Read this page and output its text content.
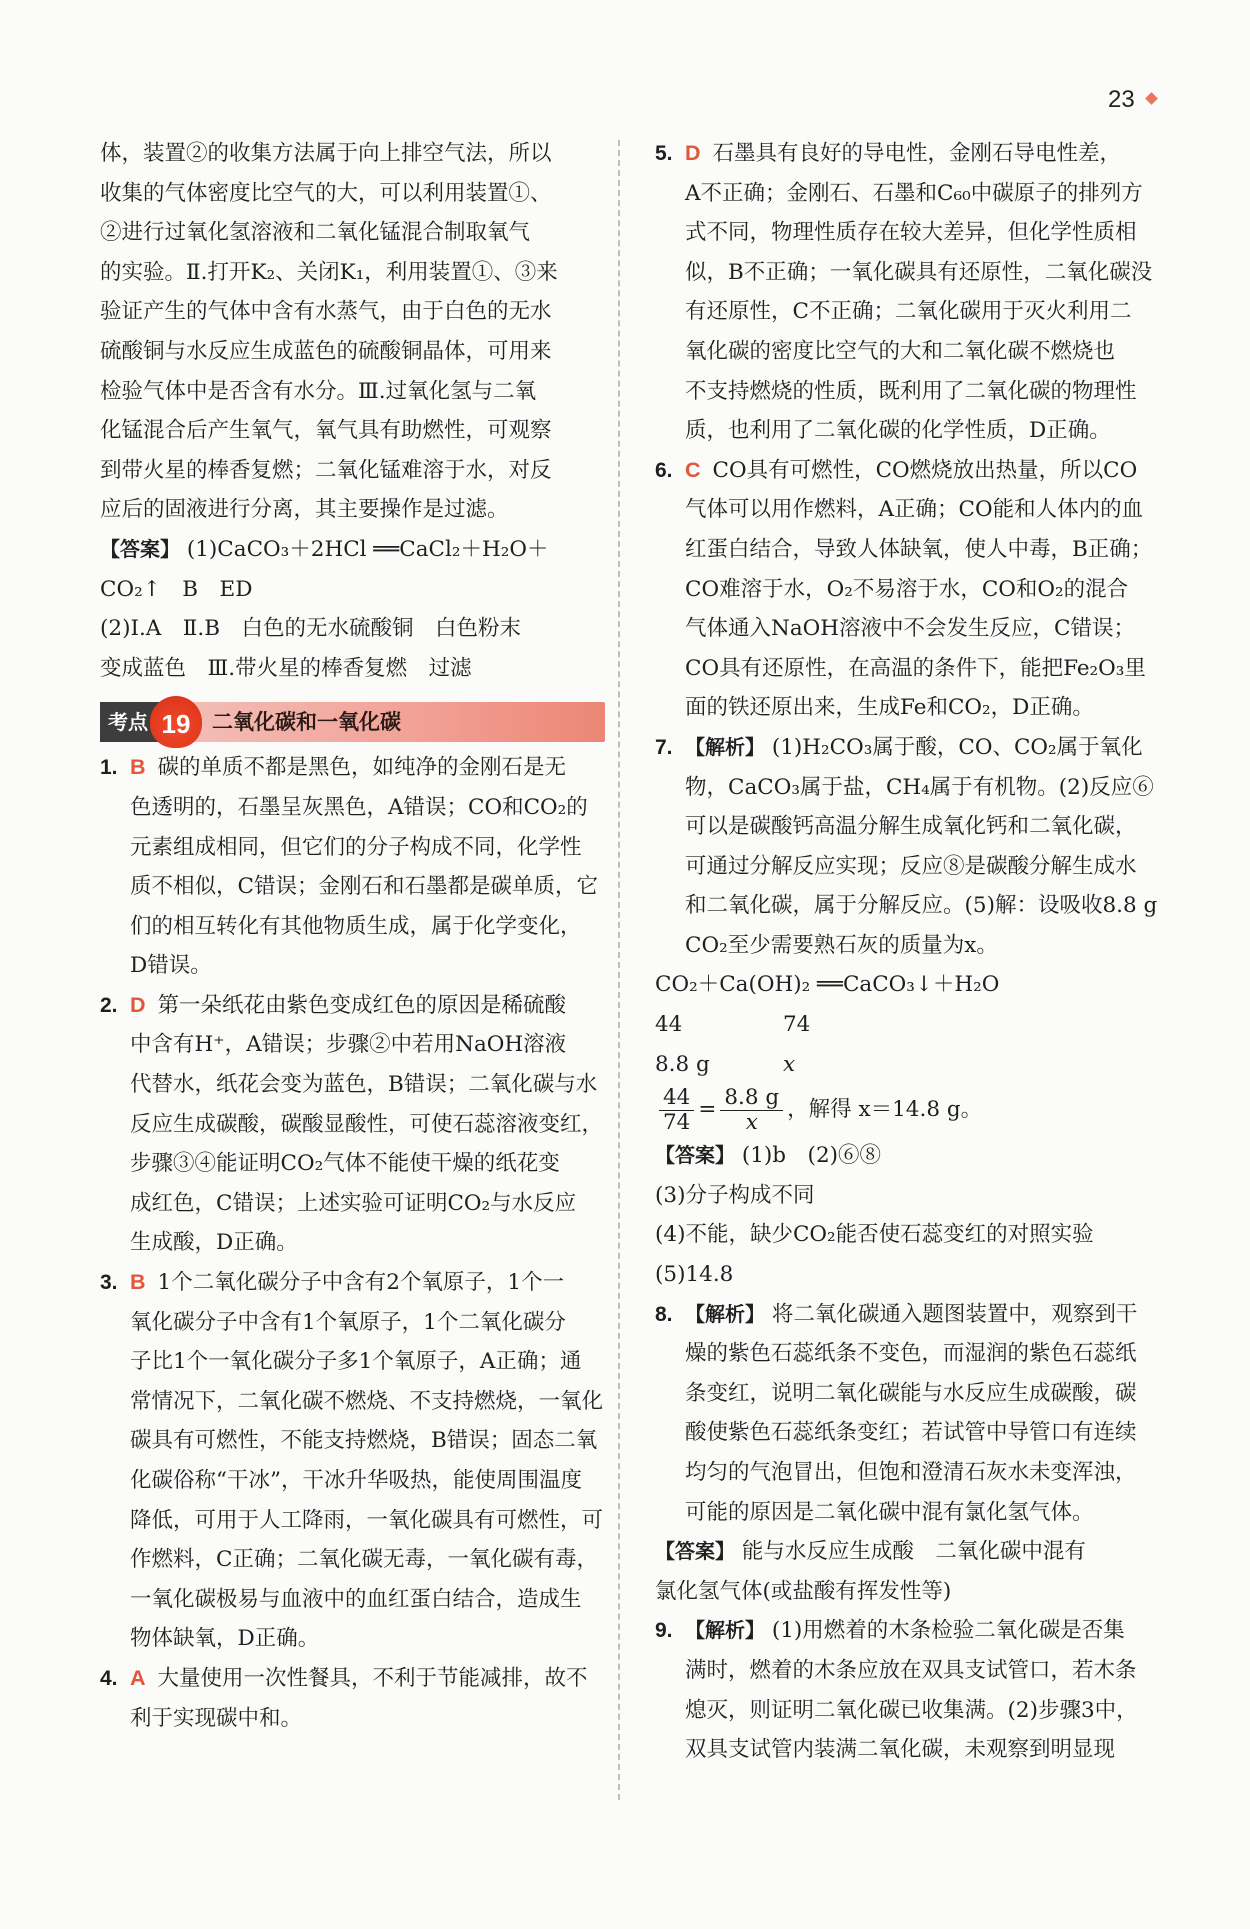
23
体，装置②的收集方法属于向上排空气法，所以
收集的气体密度比空气的大，可以利用装置①、
②进行过氧化氢溶液和二氧化锰混合制取氧气
的实验。Ⅱ.打开K₂、关闭K₁，利用装置①、③来
验证产生的气体中含有水蒸气，由于白色的无水
硫酸铜与水反应生成蓝色的硫酸铜晶体，可用来
检验气体中是否含有水分。Ⅲ.过氧化氢与二氧
化锰混合后产生氧气，氧气具有助燃性，可观察
到带火星的棒香复燃；二氧化锰难溶于水，对反
应后的固液进行分离，其主要操作是过滤。
【答案】 (1)CaCO₃＋2HCl ══CaCl₂＋H₂O＋
CO₂↑　B　ED
(2)Ⅰ.A　Ⅱ.B　白色的无水硫酸铜　白色粉末
变成蓝色　Ⅲ.带火星的棒香复燃　过滤
考点 19	二氧化碳和一氧化碳
1. B 碳的单质不都是黑色，如纯净的金刚石是无
色透明的，石墨呈灰黑色，A错误；CO和CO₂的
元素组成相同，但它们的分子构成不同，化学性
质不相似，C错误；金刚石和石墨都是碳单质，它
们的相互转化有其他物质生成，属于化学变化，
D错误。
2. D 第一朵纸花由紫色变成红色的原因是稀硫酸
中含有H⁺，A错误；步骤②中若用NaOH溶液
代替水，纸花会变为蓝色，B错误；二氧化碳与水
反应生成碳酸，碳酸显酸性，可使石蕊溶液变红，
步骤③④能证明CO₂气体不能使干燥的纸花变
成红色，C错误；上述实验可证明CO₂与水反应
生成酸，D正确。
3. B 1个二氧化碳分子中含有2个氧原子，1个一
氧化碳分子中含有1个氧原子，1个二氧化碳分
子比1个一氧化碳分子多1个氧原子，A正确；通
常情况下，二氧化碳不燃烧、不支持燃烧，一氧化
碳具有可燃性，不能支持燃烧，B错误；固态二氧
化碳俗称“干冰”，干冰升华吸热，能使周围温度
降低，可用于人工降雨，一氧化碳具有可燃性，可
作燃料，C正确；二氧化碳无毒，一氧化碳有毒，
一氧化碳极易与血液中的血红蛋白结合，造成生
物体缺氧，D正确。
4. A 大量使用一次性餐具，不利于节能减排，故不
利于实现碳中和。
5. D 石墨具有良好的导电性，金刚石导电性差，
A不正确；金刚石、石墨和C₆₀中碳原子的排列方
式不同，物理性质存在较大差异，但化学性质相
似，B不正确；一氧化碳具有还原性，二氧化碳没
有还原性，C不正确；二氧化碳用于灭火利用二
氧化碳的密度比空气的大和二氧化碳不燃烧也
不支持燃烧的性质，既利用了二氧化碳的物理性
质，也利用了二氧化碳的化学性质，D正确。
6. C CO具有可燃性，CO燃烧放出热量，所以CO
气体可以用作燃料，A正确；CO能和人体内的血
红蛋白结合，导致人体缺氧，使人中毒，B正确；
CO难溶于水，O₂不易溶于水，CO和O₂的混合
气体通入NaOH溶液中不会发生反应，C错误；
CO具有还原性，在高温的条件下，能把Fe₂O₃里
面的铁还原出来，生成Fe和CO₂，D正确。
7. 【解析】 (1)H₂CO₃属于酸，CO、CO₂属于氧化
物，CaCO₃属于盐，CH₄属于有机物。(2)反应⑥
可以是碳酸钙高温分解生成氧化钙和二氧化碳，
可通过分解反应实现；反应⑧是碳酸分解生成水
和二氧化碳，属于分解反应。(5)解：设吸收8.8 g
CO₂至少需要熟石灰的质量为x。
CO₂＋Ca(OH)₂ ══CaCO₃↓＋H₂O
44	74
8.8 g	x
$\frac{44}{74} = \frac{8.8 g}{x}$ ，解得 x＝14.8 g。
【答案】 (1)b　(2)⑥⑧
(3)分子构成不同
(4)不能，缺少CO₂能否使石蕊变红的对照实验
(5)14.8
8. 【解析】 将二氧化碳通入题图装置中，观察到干
燥的紫色石蕊纸条不变色，而湿润的紫色石蕊纸
条变红，说明二氧化碳能与水反应生成碳酸，碳
酸使紫色石蕊纸条变红；若试管中导管口有连续
均匀的气泡冒出，但饱和澄清石灰水未变浑浊，
可能的原因是二氧化碳中混有氯化氢气体。
【答案】 能与水反应生成酸　二氧化碳中混有
氯化氢气体(或盐酸有挥发性等)
9. 【解析】 (1)用燃着的木条检验二氧化碳是否集
满时，燃着的木条应放在双具支试管口，若木条
熄灭，则证明二氧化碳已收集满。(2)步骤3中，
双具支试管内装满二氧化碳，未观察到明显现
